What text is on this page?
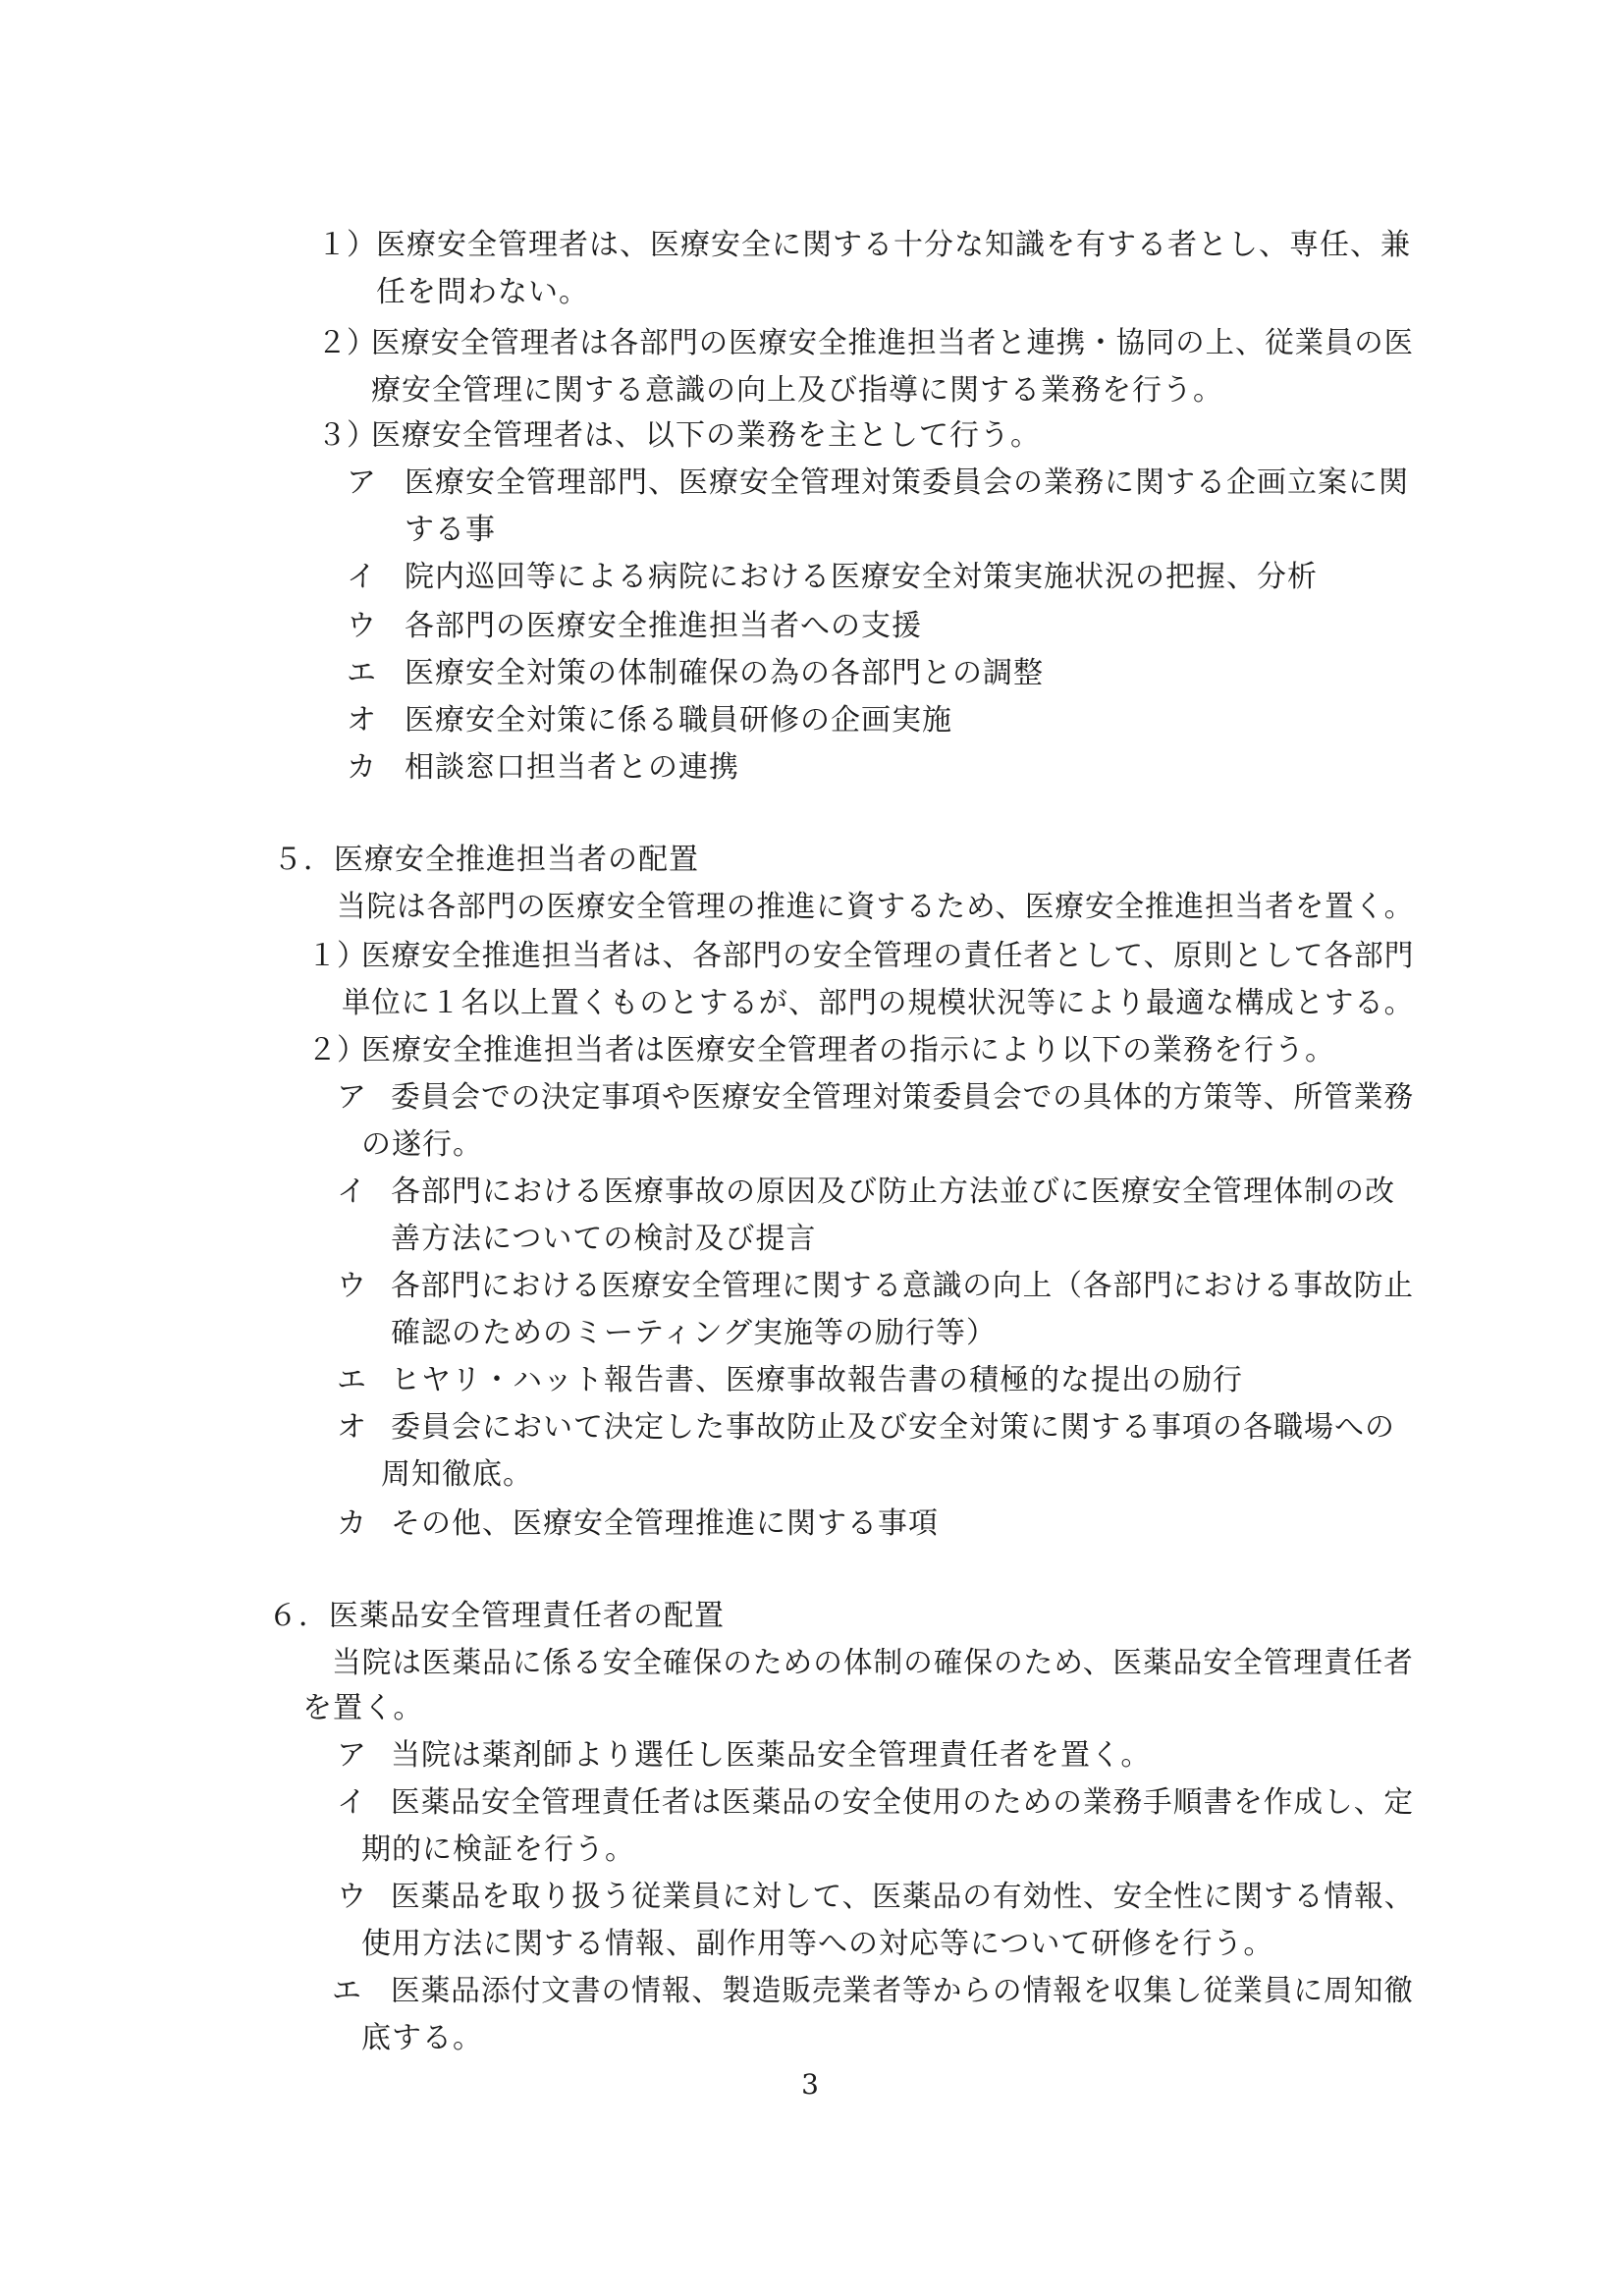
１） 医療安全管理者は、医療安全に関する十分な知識を有する者とし、専任、兼
任を問わない。
２）
医療安全管理者は各部門の医療安全推進担当者と連携・協同の上、従業員の医
療安全管理に関する意識の向上及び指導に関する業務を行う。
３）
医療安全管理者は、以下の業務を主として行う。
ア 医療安全管理部門、医療安全管理対策委員会の業務に関する企画立案に関
する事
イ 院内巡回等による病院における医療安全対策実施状況の把握、分析
ウ 各部門の医療安全推進担当者への支援
エ 医療安全対策の体制確保の為の各部門との調整
オ 医療安全対策に係る職員研修の企画実施
カ 相談窓口担当者との連携
５．医療安全推進担当者の配置
当院は各部門の医療安全管理の推進に資するため、医療安全推進担当者を置く。
１）
医療安全推進担当者は、各部門の安全管理の責任者として、原則として各部門
単位に１名以上置くものとするが、部門の規模状況等により最適な構成とする。
２）
医療安全推進担当者は医療安全管理者の指示により以下の業務を行う。
ア 委員会での決定事項や医療安全管理対策委員会での具体的方策等、所管業務
の遂行。
イ 各部門における医療事故の原因及び防止方法並びに医療安全管理体制の改
善方法についての検討及び提言
ウ 各部門における医療安全管理に関する意識の向上（各部門における事故防止
確認のためのミーティング実施等の励行等）
エ ヒヤリ・ハット報告書、医療事故報告書の積極的な提出の励行
オ 委員会において決定した事故防止及び安全対策に関する事項の各職場への
周知徹底。
カ その他、医療安全管理推進に関する事項
６．医薬品安全管理責任者の配置
当院は医薬品に係る安全確保のための体制の確保のため、医薬品安全管理責任者
を置く。
ア 当院は薬剤師より選任し医薬品安全管理責任者を置く。
イ 医薬品安全管理責任者は医薬品の安全使用のための業務手順書を作成し、定
期的に検証を行う。
ウ 医薬品を取り扱う従業員に対して、医薬品の有効性、安全性に関する情報、
使用方法に関する情報、副作用等への対応等について研修を行う。
エ 医薬品添付文書の情報、製造販売業者等からの情報を収集し従業員に周知徹
底する。
3
